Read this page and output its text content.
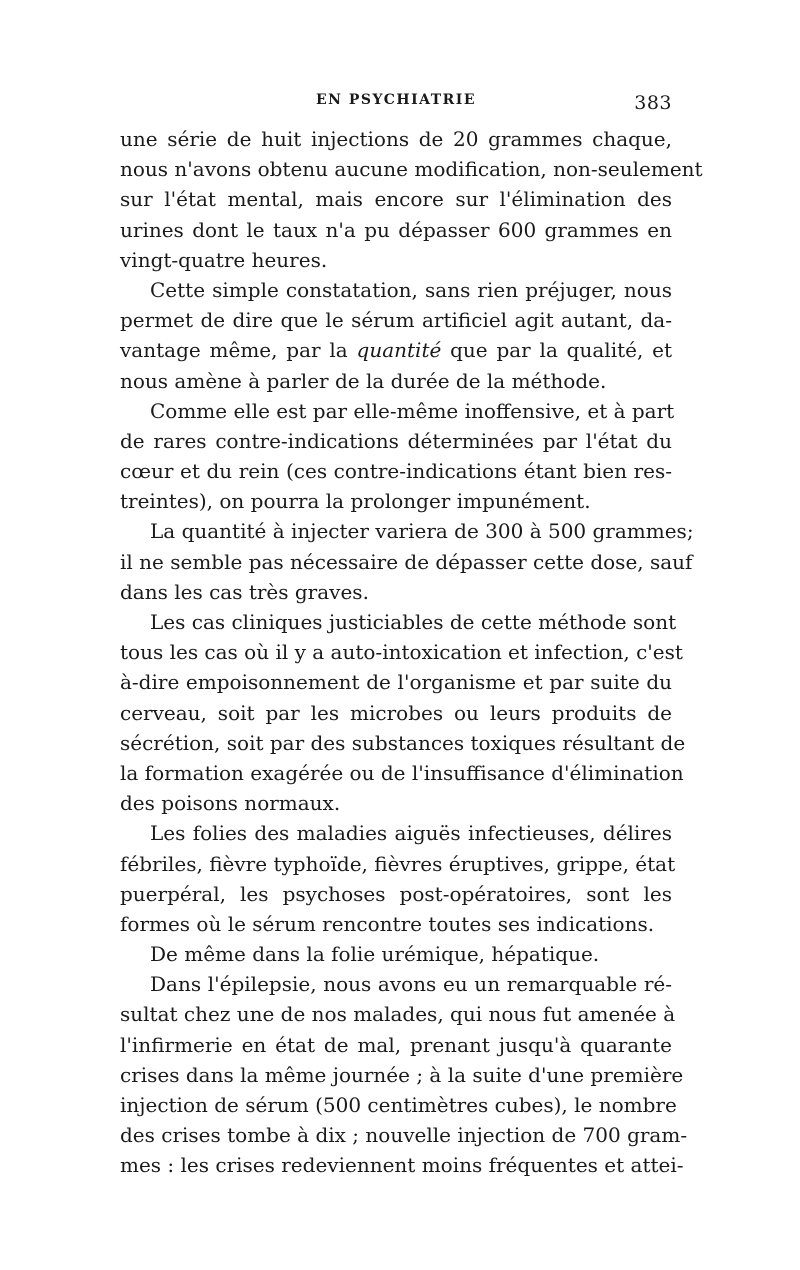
EN PSYCHIATRIE	383
une série de huit injections de 20 grammes chaque,
nous n'avons obtenu aucune modification, non-seulement
sur l'état mental, mais encore sur l'élimination des
urines dont le taux n'a pu dépasser 600 grammes en
vingt-quatre heures.
Cette simple constatation, sans rien préjuger, nous
permet de dire que le sérum artificiel agit autant, da-
vantage même, par la quantité que par la qualité, et
nous amène à parler de la durée de la méthode.
Comme elle est par elle-même inoffensive, et à part
de rares contre-indications déterminées par l'état du
cœur et du rein (ces contre-indications étant bien res-
treintes), on pourra la prolonger impunément.
La quantité à injecter variera de 300 à 500 grammes;
il ne semble pas nécessaire de dépasser cette dose, sauf
dans les cas très graves.
Les cas cliniques justiciables de cette méthode sont
tous les cas où il y a auto-intoxication et infection, c'est
à-dire empoisonnement de l'organisme et par suite du
cerveau, soit par les microbes ou leurs produits de
sécrétion, soit par des substances toxiques résultant de
la formation exagérée ou de l'insuffisance d'élimination
des poisons normaux.
Les folies des maladies aiguës infectieuses, délires
fébriles, fièvre typhoïde, fièvres éruptives, grippe, état
puerpéral, les psychoses post-opératoires, sont les
formes où le sérum rencontre toutes ses indications.
De même dans la folie urémique, hépatique.
Dans l'épilepsie, nous avons eu un remarquable ré-
sultat chez une de nos malades, qui nous fut amenée à
l'infirmerie en état de mal, prenant jusqu'à quarante
crises dans la même journée ; à la suite d'une première
injection de sérum (500 centimètres cubes), le nombre
des crises tombe à dix ; nouvelle injection de 700 gram-
mes : les crises redeviennent moins fréquentes et attei-
